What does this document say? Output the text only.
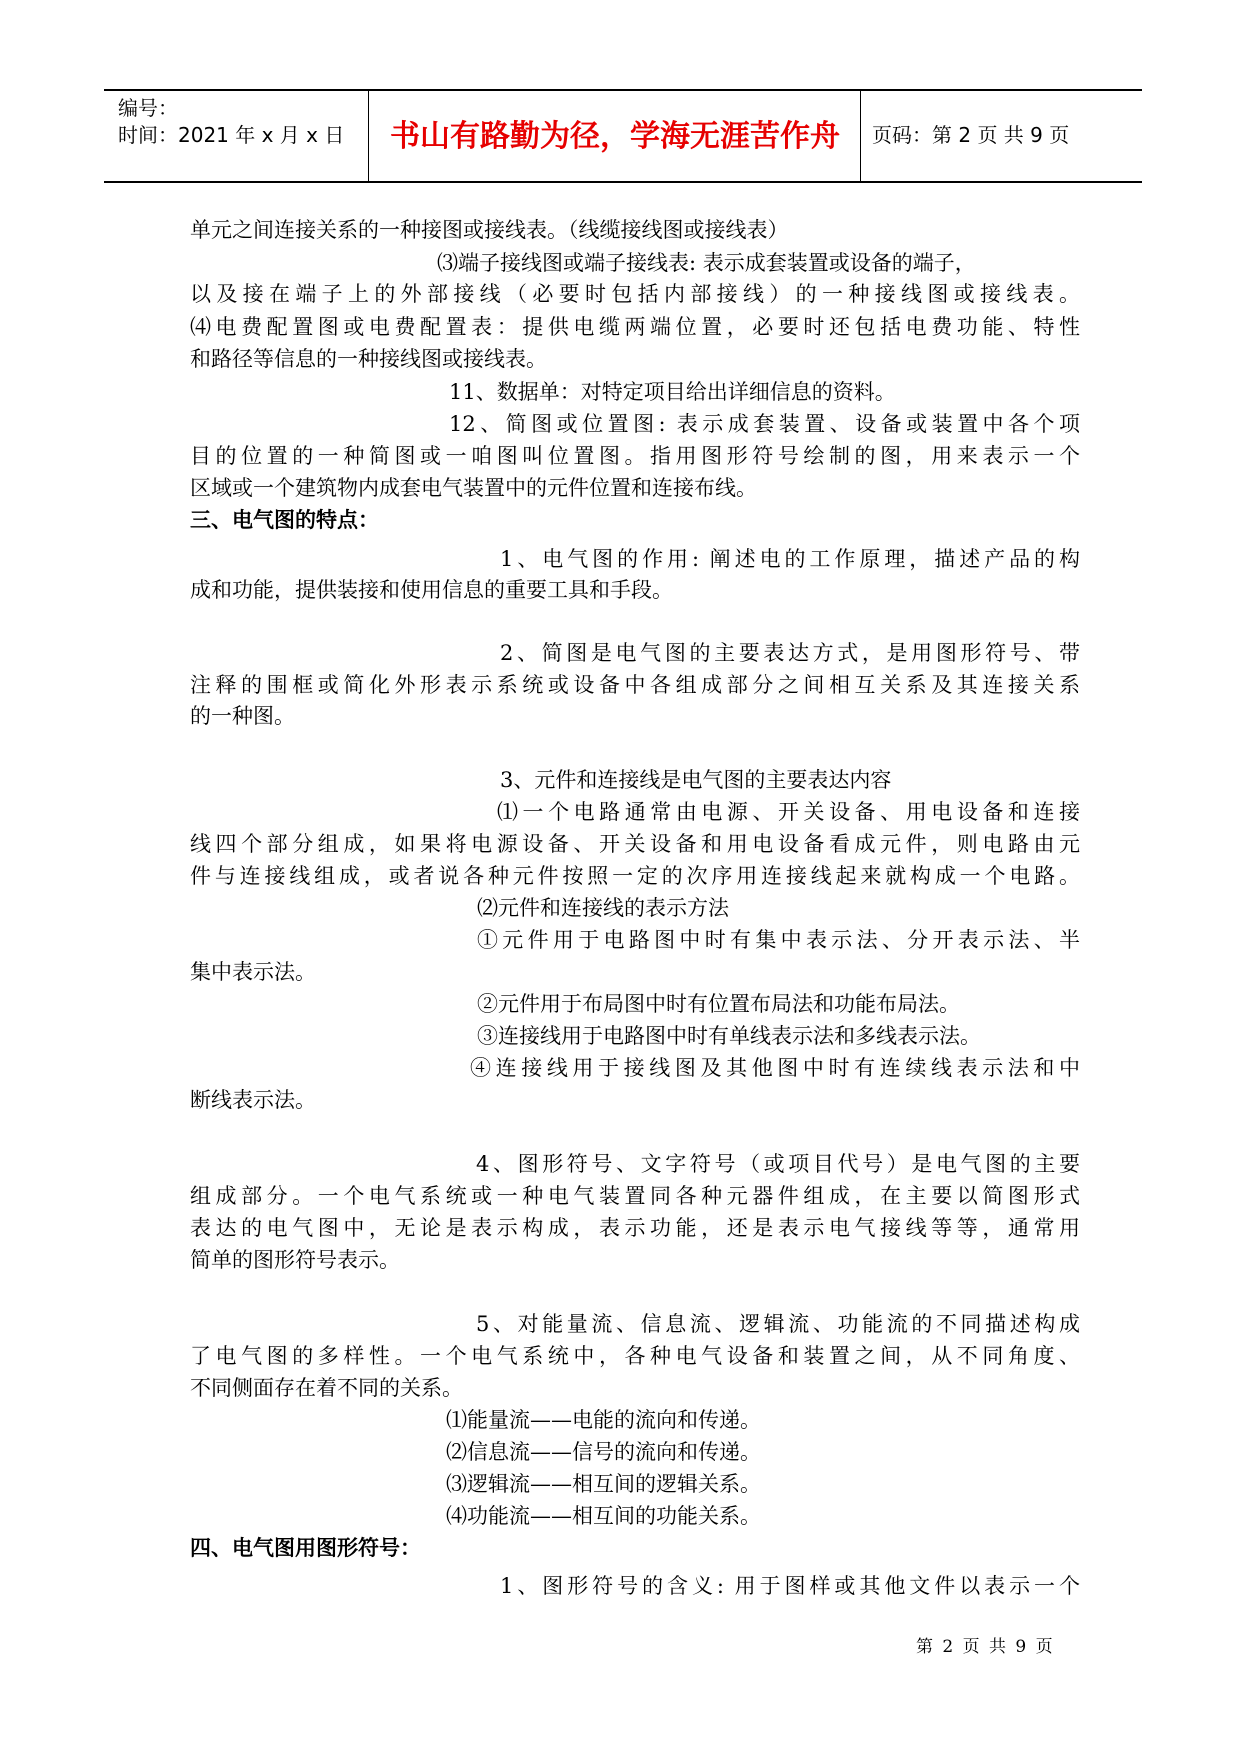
编号：
时间：2021 年 x 月 x 日	书山有路勤为径，学海无涯苦作舟	页码：第 2 页 共 9 页
单元之间连接关系的一种接图或接线表。（线缆接线图或接线表）
⑶端子接线图或端子接线表: 表示成套装置或设备的端子，
以及接在端子上的外部接线（必要时包括内部接线）的一种接线图或接线表。
⑷电费配置图或电费配置表：提供电缆两端位置，必要时还包括电费功能、特性
和路径等信息的一种接线图或接线表。
11、数据单：对特定项目给出详细信息的资料。
12、简图或位置图: 表示成套装置、设备或装置中各个项
目的位置的一种简图或一咱图叫位置图。指用图形符号绘制的图，用来表示一个
区域或一个建筑物内成套电气装置中的元件位置和连接布线。
三、电气图的特点：
1、电气图的作用: 阐述电的工作原理，描述产品的构
成和功能，提供装接和使用信息的重要工具和手段。
2、简图是电气图的主要表达方式，是用图形符号、带
注释的围框或简化外形表示系统或设备中各组成部分之间相互关系及其连接关系
的一种图。
3、元件和连接线是电气图的主要表达内容
⑴一个电路通常由电源、开关设备、用电设备和连接
线四个部分组成，如果将电源设备、开关设备和用电设备看成元件，则电路由元
件与连接线组成，或者说各种元件按照一定的次序用连接线起来就构成一个电路。
⑵元件和连接线的表示方法
①元件用于电路图中时有集中表示法、分开表示法、半
集中表示法。
②元件用于布局图中时有位置布局法和功能布局法。
③连接线用于电路图中时有单线表示法和多线表示法。
④连接线用于接线图及其他图中时有连续线表示法和中
断线表示法。
4、图形符号、文字符号（或项目代号）是电气图的主要
组成部分。一个电气系统或一种电气装置同各种元器件组成，在主要以简图形式
表达的电气图中，无论是表示构成，表示功能，还是表示电气接线等等，通常用
简单的图形符号表示。
5、对能量流、信息流、逻辑流、功能流的不同描述构成
了电气图的多样性。一个电气系统中，各种电气设备和装置之间，从不同角度、
不同侧面存在着不同的关系。
⑴能量流——电能的流向和传递。
⑵信息流——信号的流向和传递。
⑶逻辑流——相互间的逻辑关系。
⑷功能流——相互间的功能关系。
四、电气图用图形符号：
1、图形符号的含义: 用于图样或其他文件以表示一个
第 2 页 共 9 页
